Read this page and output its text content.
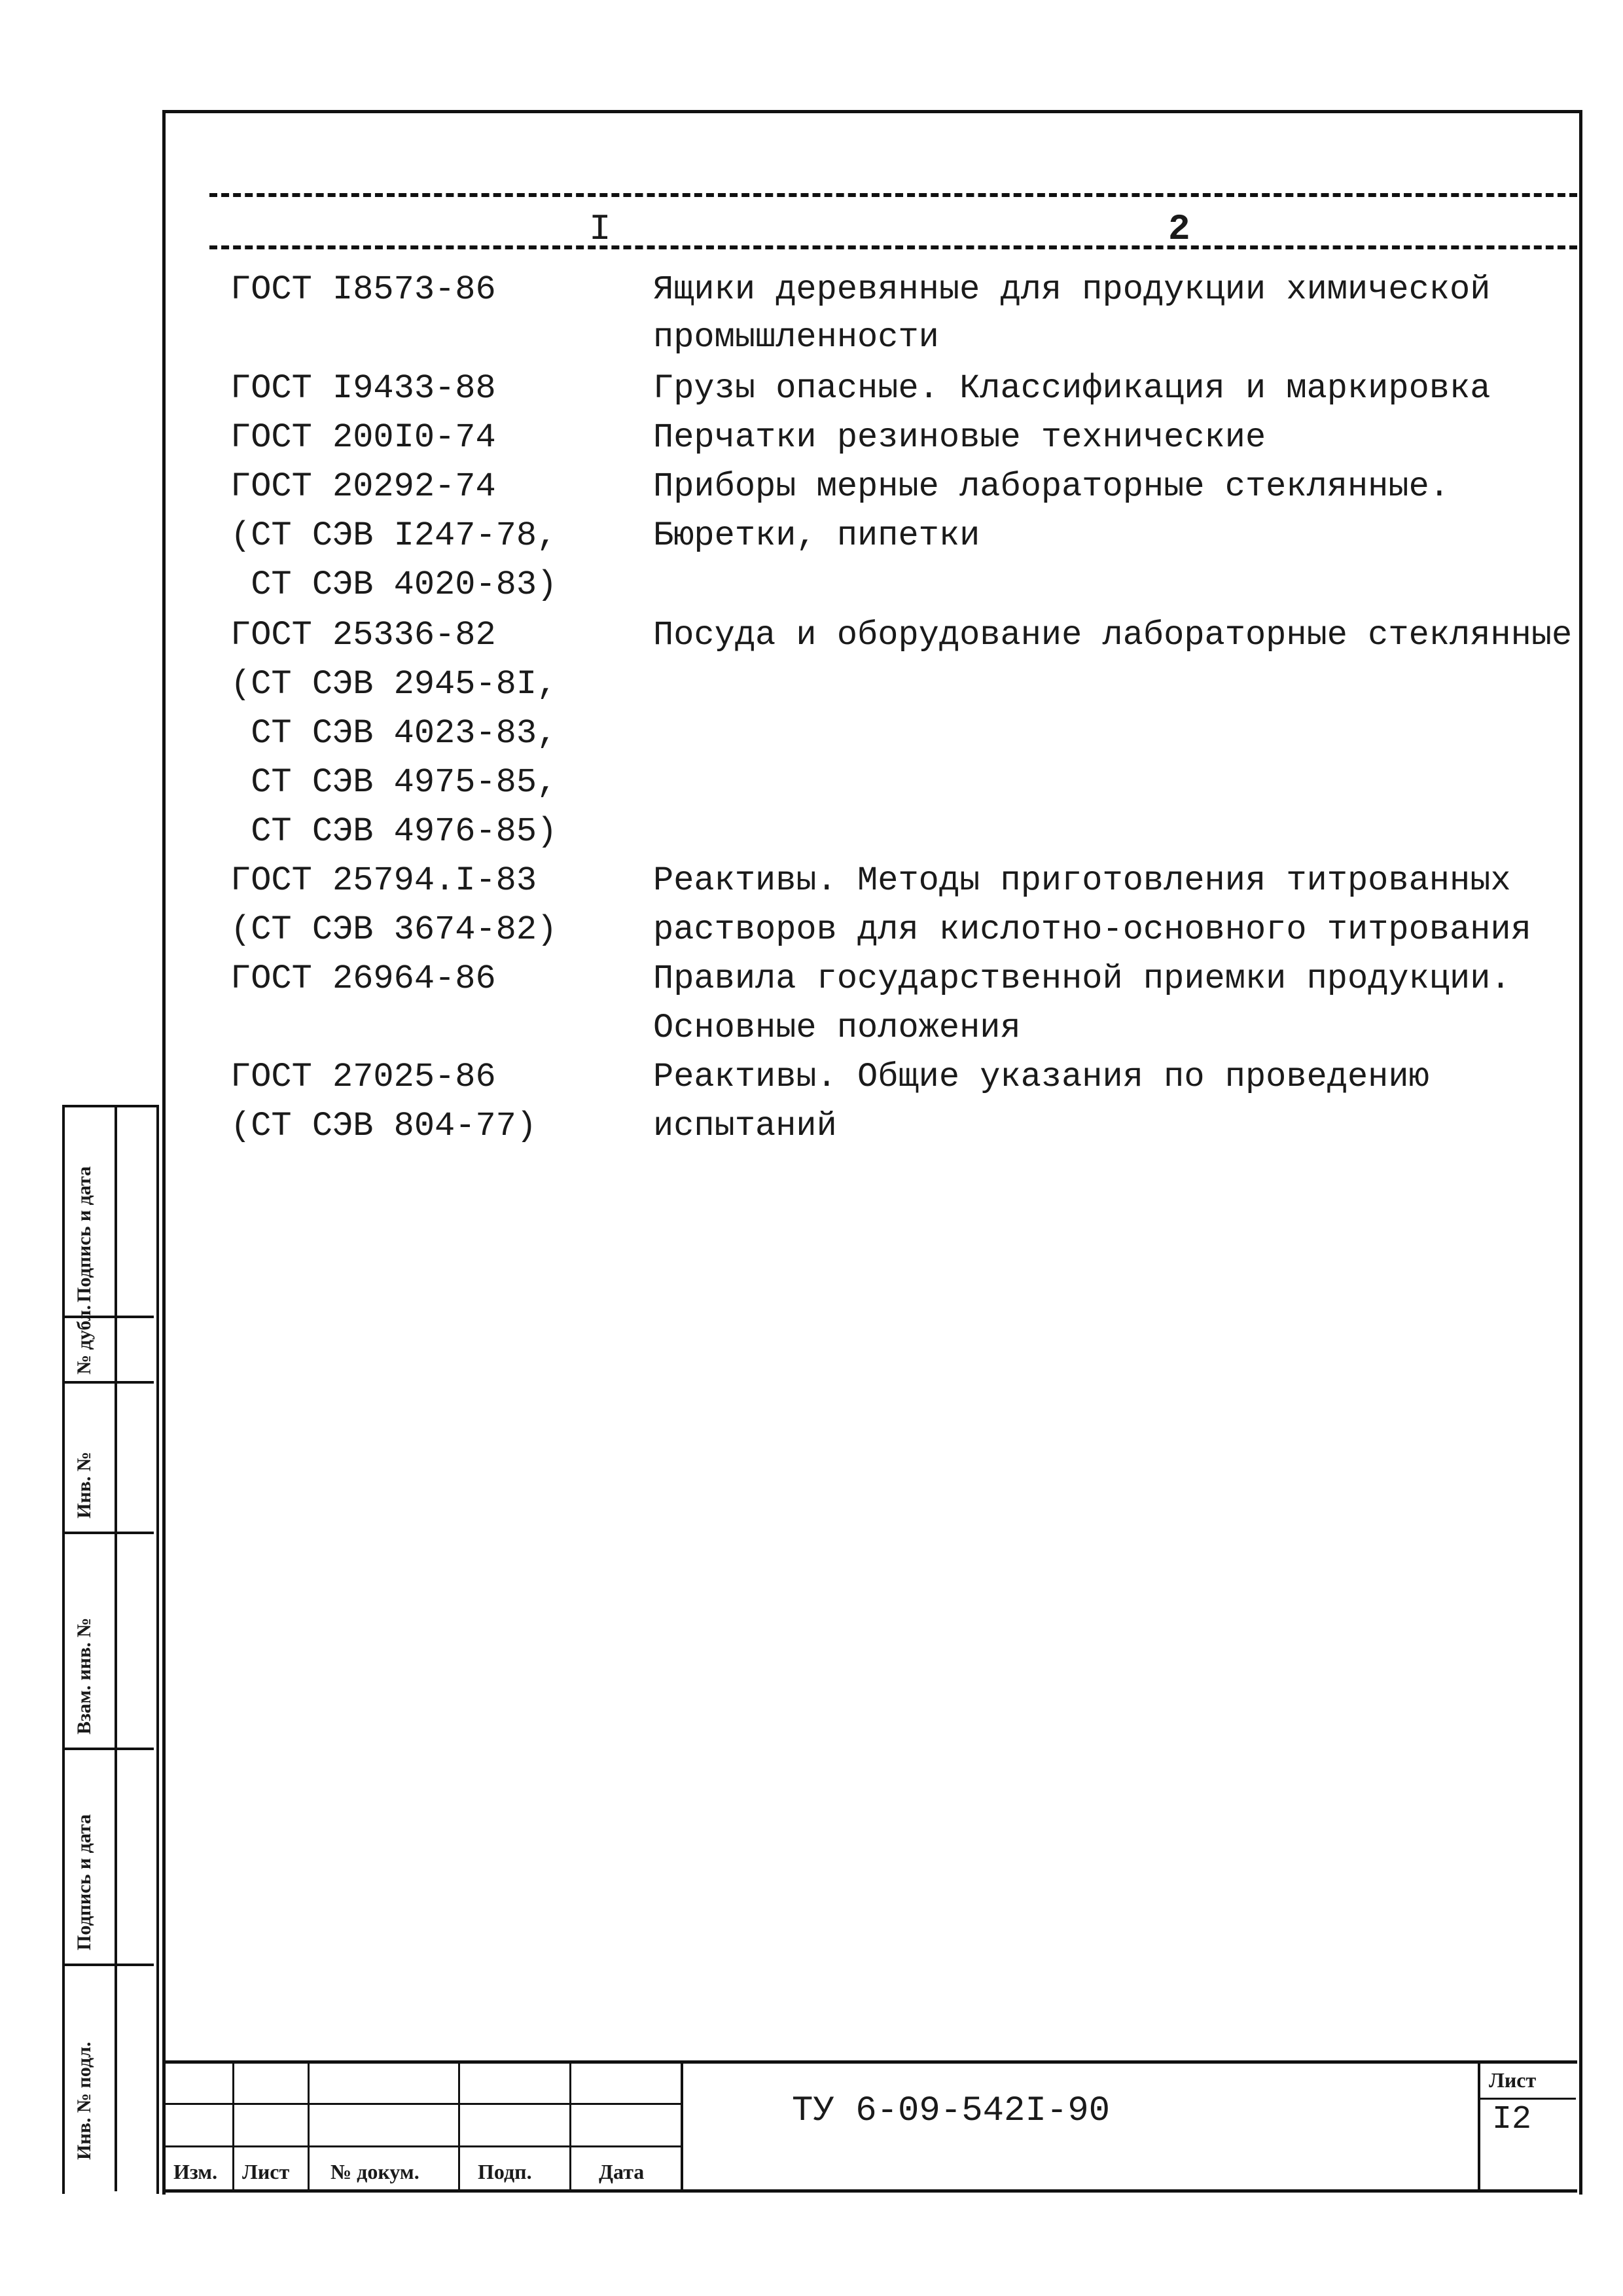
I	2
ГОСТ I8573-86	Ящики деревянные для продукции химической
промышленности
ГОСТ I9433-88	Грузы опасные. Классификация и маркировка
ГОСТ 200I0-74	Перчатки резиновые технические
ГОСТ 20292-74	Приборы мерные лабораторные стеклянные.
(СТ СЭВ I247-78,	Бюретки, пипетки
СТ СЭВ 4020-83)
ГОСТ 25336-82	Посуда и оборудование лабораторные стеклянные
(СТ СЭВ 2945-8I,
СТ СЭВ 4023-83,
СТ СЭВ 4975-85,
СТ СЭВ 4976-85)
ГОСТ 25794.I-83	Реактивы. Методы приготовления титрованных
(СТ СЭВ 3674-82)	растворов для кислотно-основного титрования
ГОСТ 26964-86	Правила государственной приемки продукции.
Основные положения
ГОСТ 27025-86	Реактивы. Общие указания по проведению
(СТ СЭВ 804-77)	испытаний
Подпись и дата
№ дубл.
Инв. №
Взам. инв. №
Подпись и дата
Инв. № подл.
Изм. Лист № докум.	Подп.	Дата
ТУ 6-09-542I-90
Лист
I2
